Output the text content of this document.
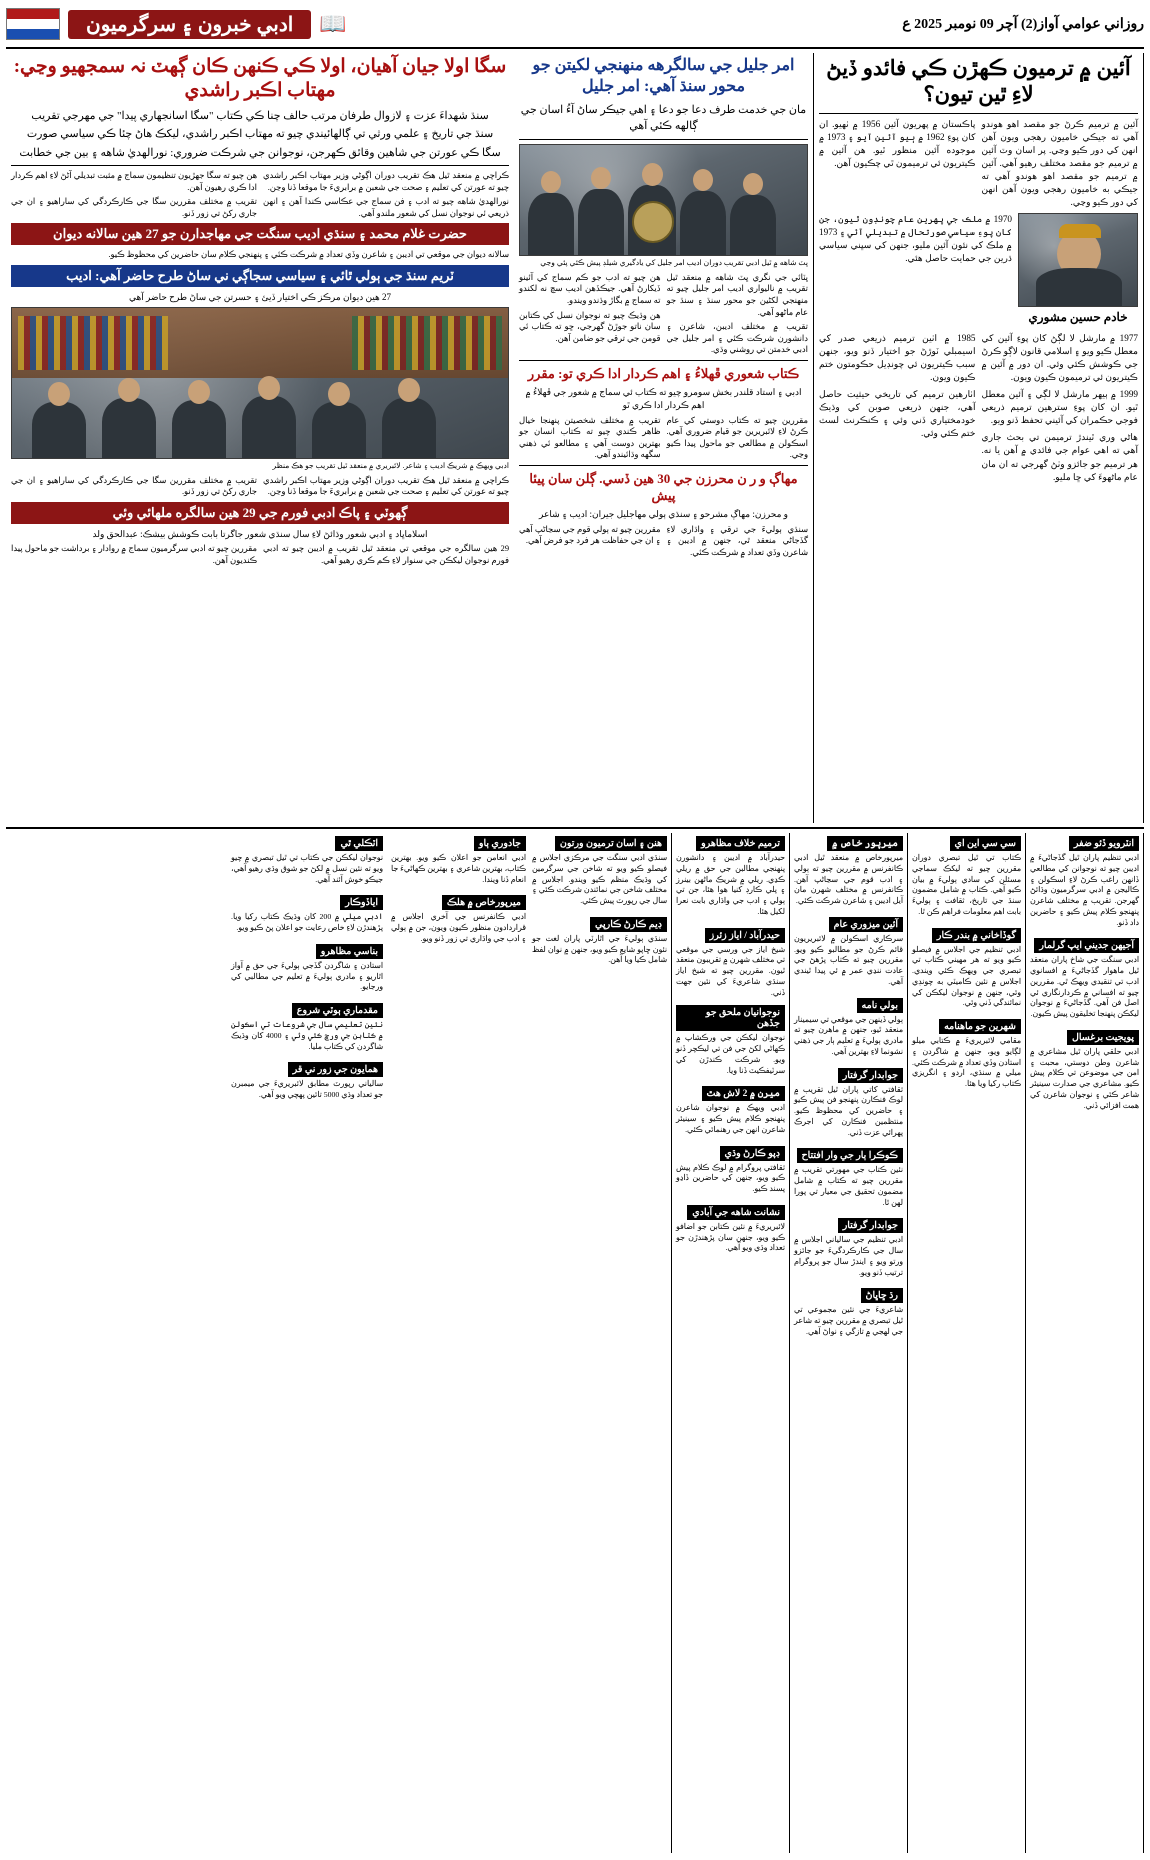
روزاني عوامي آواز(2) آچر 09 نومبر 2025 ع
📖
ادبي خبرون ۽ سرگرميون
آئين ۾ ترميون ڪهڙن ڪي فائدو ڏيڻ لاءِ ٿين تيون؟
آئين ۾ ترميم ڪرڻ جو مقصد اهو هوندو آهي ته جيڪي خاميون رهجي ويون آهن انهن کي دور ڪيو وڃي. پر اسان وٽ آئين ۾ ترميم جو مقصد مختلف رهيو آهي. آئين ۾ ترميم جو مقصد اهو هوندو آهي ته جيڪي به خاميون رهجي ويون آهن انهن کي دور ڪيو وڃي.
پاڪستان ۾ پهريون آئين 1956 ۾ ٺهيو. ان کان پوءِ 1962 ۾ ٻيو آئين آيو ۽ 1973 ۾ موجوده آئين منظور ٿيو. هن آئين ۾ ڪيتريون ئي ترميمون ٿي چڪيون آهن.
خادم حسين مشوري
1970 ۾ ملڪ جي پهرين عام چونڊون ٿيون، جن کان پوءِ سياسي صورتحال ۾ تبديلي آئي ۽ 1973 ۾ ملڪ کي نئون آئين مليو، جنهن کي سڀني سياسي ڌرين جي حمايت حاصل هئي.
1977 ۾ مارشل لا لڳڻ کان پوءِ آئين کي معطل ڪيو ويو ۽ اسلامي قانون لاڳو ڪرڻ جي ڪوشش ڪئي وئي. ان دور ۾ آئين ۾ ڪيتريون ئي ترميمون ڪيون ويون.
1999 ۾ ٻيهر مارشل لا لڳي ۽ آئين معطل ٿيو. ان کان پوءِ سترهين ترميم ذريعي فوجي حڪمران کي آئيني تحفظ ڏنو ويو.
هاڻي وري ٿيندڙ ترميمن تي بحث جاري آهي ته اهي عوام جي فائدي ۾ آهن يا نه. هر ترميم جو جائزو وٺڻ گهرجي ته ان مان عام ماڻهوءَ کي ڇا مليو.
1985 ۾ اٺين ترميم ذريعي صدر کي اسيمبلي ٽوڙڻ جو اختيار ڏنو ويو، جنهن سبب ڪيتريون ئي چونڊيل حڪومتون ختم ڪيون ويون.
اٺارهين ترميم کي تاريخي حيثيت حاصل آهي، جنهن ذريعي صوبن کي وڌيڪ خودمختياري ڏني وئي ۽ ڪنڪرنٽ لسٽ ختم ڪئي وئي.
امر جليل جي سالگرهه منهنجي لکيتن جو محور سنڌ آهي: امر جليل
مان جي خدمت طرف دعا جو دعا ۽ اهي جيڪر ساڻ آءُ اسان جي ڳالهه ڪئي آهي
ڀٽ شاهه ۾ ٿيل ادبي تقريب دوران اديب امر جليل کي يادگيري شيلڊ پيش ڪئي پئي وڃي
ڀٽائي جي نگري ڀٽ شاهه ۾ منعقد ٿيل تقريب ۾ ناليواري اديب امر جليل چيو ته منهنجي لکڻين جو محور سنڌ ۽ سنڌ جو عام ماڻهو آهي.
تقريب ۾ مختلف اديبن، شاعرن ۽ دانشورن شرڪت ڪئي ۽ امر جليل جي ادبي خدمتن تي روشني وڌي.
هن چيو ته ادب جو ڪم سماج کي آئينو ڏيکارڻ آهي. جيڪڏهن اديب سچ نه لکندو ته سماج ۾ بگاڙ وڌندو ويندو.
هن وڌيڪ چيو ته نوجوان نسل کي ڪتابن سان ناتو جوڙڻ گهرجي، ڇو ته ڪتاب ئي قومن جي ترقي جو ضامن آهن.
ڪتاب شعوري ڦهلاءُ ۽ اهم ڪردار ادا ڪري تو: مقرر
ادبي ۽ استاد قلندر بخش سومرو چيو ته ڪتاب ئي سماج ۾ شعور جي ڦهلاءُ ۾ اهم ڪردار ادا ڪري ٿو
مقررين چيو ته ڪتاب دوستي کي عام ڪرڻ لاءِ لائبريرين جو قيام ضروري آهي. اسڪولن ۾ مطالعي جو ماحول پيدا ڪيو وڃي.
تقريب ۾ مختلف شخصيتن پنهنجا خيال ظاهر ڪندي چيو ته ڪتاب انسان جو بهترين دوست آهي ۽ مطالعو ئي ذهني سگهه وڌائيندو آهي.
مهاڳ و ر ن محرزن جي 30 هين ڏسي. ڳلن سان پيئا پيش
و محرزن: مهاڳ مشرحو ۽ سنڌي ٻولي مهاجليل جيران: اديب ۽ شاعر
سنڌي ٻوليءَ جي ترقي ۽ واڌاري لاءِ گڏجاڻي منعقد ٿي، جنهن ۾ اديبن ۽ شاعرن وڏي تعداد ۾ شرڪت ڪئي.
مقررين چيو ته ٻولي قوم جي سڃاڻپ آهي ۽ ان جي حفاظت هر فرد جو فرض آهي.
سگا اولا جيان آهيان، اولا ڪي ڪنهن ڪان ڳهٽ نہ سمجهيو وڃي: مهتاب اڪبر راشدي
سنڌ شهداءَ عزت ۽ لازوال طرفان مرتب حالف چنا ڪي ڪتاب "سگا اسانجهاري پيدا" جي مهرجي تقريب
سنڌ جي تاريخ ۽ علمي ورثي تي ڳالهائيندي چيو ته مهتاب اڪبر راشدي، ليکڪ هاڻ چئا ڪي سياسي صورت
سگا ڪي عورتن جي شاهين وقائق ڪهرجن، نوجوانن جي شرڪت ضروري: نورالهديٰ شاهه ۽ بين جي خطابت
ڪراچي ۾ منعقد ٿيل هڪ تقريب دوران اڳوڻي وزير مهتاب اڪبر راشدي چيو ته عورتن کي تعليم ۽ صحت جي شعبن ۾ برابريءَ جا موقعا ڏنا وڃن.
نورالهديٰ شاهه چيو ته ادب ۽ فن سماج جي عڪاسي ڪندا آهن ۽ انهن ذريعي ئي نوجوان نسل کي شعور ملندو آهي.
هن چيو ته سگا جهڙيون تنظيمون سماج ۾ مثبت تبديلي آڻڻ لاءِ اهم ڪردار ادا ڪري رهيون آهن.
تقريب ۾ مختلف مقررين سگا جي ڪارڪردگي کي ساراهيو ۽ ان جي جاري رکڻ تي زور ڏنو.
حضرت غلام محمد ۽ سنڌي اديب سنگت جي مهاجدارن جو 27 هين سالانه ديوان
سالانه ديوان جي موقعي تي اديبن ۽ شاعرن وڏي تعداد ۾ شرڪت ڪئي ۽ پنهنجي ڪلام سان حاضرين کي محظوظ ڪيو.
ٽريم سنڌ جي ٻولي ٿائي ۽ سياسي سجاڳي ني ساڻ طرح حاضر آهي: اديب
27 هين ديوان مرڪز ڪي اختيار ڏيئ ۽ حسرتن جي ساڻ طرح حاضر آهي
ادبي ويهڪ ۾ شريڪ اديب ۽ شاعر. لائبريري ۾ منعقد ٿيل تقريب جو هڪ منظر
ڪراچي ۾ منعقد ٿيل هڪ تقريب دوران اڳوڻي وزير مهتاب اڪبر راشدي چيو ته عورتن کي تعليم ۽ صحت جي شعبن ۾ برابريءَ جا موقعا ڏنا وڃن.
تقريب ۾ مختلف مقررين سگا جي ڪارڪردگي کي ساراهيو ۽ ان جي جاري رکڻ تي زور ڏنو.
ڳهوٽي ۽ پاڪ ادبي فورم جي 29 هين سالگره ملهائي وئي
اسلاماڀاد ۽ ادبي شعور وڌائڻ لاءِ سال سنڌي شعور جاگرتا بابت ڪوشش بيشڪ: عبدالحق ولد
29 هين سالگره جي موقعي تي منعقد ٿيل تقريب ۾ اديبن چيو ته ادبي فورم نوجوان ليکڪن جي سنوار لاءِ ڪم ڪري رهيو آهي.
مقررين چيو ته ادبي سرگرميون سماج ۾ روادار ۽ برداشت جو ماحول پيدا ڪنديون آهن.
انٽرويو ڏئو ضفر
ادبي تنظيم پاران ٿيل گڏجاڻيءَ ۾ اديبن چيو ته نوجوانن کي مطالعي ڏانهن راغب ڪرڻ لاءِ اسڪولن ۽ ڪاليجن ۾ ادبي سرگرميون وڌائڻ گهرجن. تقريب ۾ مختلف شاعرن پنهنجو ڪلام پيش ڪيو ۽ حاضرين داد ڏنو.
آجيهن جديني ايپ گرلمار
ادبي سنگت جي شاخ پاران منعقد ٿيل ماهوار گڏجاڻيءَ ۾ افسانوي ادب تي تنقيدي ويهڪ ٿي. مقررين چيو ته افساني ۾ ڪردارنگاري ئي اصل فن آهي. گڏجاڻيءَ ۾ نوجوان ليکڪن پنهنجا تخليقون پيش ڪيون.
پويجيت برغسال
ادبي حلقي پاران ٿيل مشاعري ۾ شاعرن وطن دوستي، محبت ۽ امن جي موضوعن تي ڪلام پيش ڪيو. مشاعري جي صدارت سينيئر شاعر ڪئي ۽ نوجوان شاعرن کي همت افزائي ڏني.
سي سي اين اي
ڪتاب تي ٿيل تبصري دوران مقررين چيو ته ليکڪ سماجي مسئلن کي سادي ٻوليءَ ۾ بيان ڪيو آهي. ڪتاب ۾ شامل مضمون سنڌ جي تاريخ، ثقافت ۽ ٻوليءَ بابت اهم معلومات فراهم ڪن ٿا.
گوڏاخاني ۾ بندر ڪار
ادبي تنظيم جي اجلاس ۾ فيصلو ڪيو ويو ته هر مهيني ڪتاب تي تبصري جي ويهڪ ڪئي ويندي. اجلاس ۾ نئين ڪاميٽي به چونڊي وئي، جنهن ۾ نوجوان ليکڪن کي نمائندگي ڏني وئي.
شهرين جو ماهنامه
مقامي لائبريريءَ ۾ ڪتابي ميلو لڳايو ويو، جنهن ۾ شاگردن ۽ استادن وڏي تعداد ۾ شرڪت ڪئي. ميلي ۾ سنڌي، اردو ۽ انگريزي ڪتاب رکيا ويا هئا.
ميرپور خاص ۾
ميرپورخاص ۾ منعقد ٿيل ادبي ڪانفرنس ۾ مقررين چيو ته ٻولي ۽ ادب قوم جي سڃاڻپ آهن. ڪانفرنس ۾ مختلف شهرن مان آيل اديبن ۽ شاعرن شرڪت ڪئي.
آئين ميزوري عام
سرڪاري اسڪولن ۾ لائبريريون قائم ڪرڻ جو مطالبو ڪيو ويو. مقررين چيو ته ڪتاب پڙهڻ جي عادت ننڍي عمر ۾ ئي پيدا ٿيندي آهي.
بولي نامه
ٻولي ڏينهن جي موقعي تي سيمينار منعقد ٿيو، جنهن ۾ ماهرن چيو ته مادري ٻوليءَ ۾ تعليم ٻار جي ذهني نشونما لاءِ بهترين آهي.
جوابدار گرفتار
ثقافتي کاتي پاران ٿيل تقريب ۾ لوڪ فنڪارن پنهنجو فن پيش ڪيو ۽ حاضرين کي محظوظ ڪيو. منتظمين فنڪارن کي اجرڪ پهرائي عزت ڏني.
ڪوڪرا ٻار جي وار افتتاح
نئين ڪتاب جي مهورتي تقريب ۾ مقررين چيو ته ڪتاب ۾ شامل مضمون تحقيق جي معيار تي پورا لهن ٿا.
جوابدار گرفتار
ادبي تنظيم جي سالياني اجلاس ۾ سال جي ڪارڪردگيءَ جو جائزو ورتو ويو ۽ ايندڙ سال جو پروگرام ترتيب ڏنو ويو.
رڌ ڇاڀاڻ
شاعريءَ جي نئين مجموعي تي ٿيل تبصري ۾ مقررين چيو ته شاعر جي لهجي ۾ تازگي ۽ نواڻ آهي.
ترميم خلاف مظاهرو
حيدرآباد ۾ اديبن ۽ دانشورن پنهنجي مطالبن جي حق ۾ ريلي ڪڍي. ريلي ۾ شريڪ ماڻهن بينرز ۽ پلي ڪارڊ کنيا هوا هئا، جن تي ٻولي ۽ ادب جي واڌاري بابت نعرا لکيل هئا.
حيدرآباد / اياز زئرز
شيخ اياز جي ورسي جي موقعي تي مختلف شهرن ۾ تقريبون منعقد ٿيون. مقررين چيو ته شيخ اياز سنڌي شاعريءَ کي نئين جهت ڏني.
نوجوانيان ملحق جو جڏهن
نوجوان ليکڪن جي ورڪشاپ ۾ ڪهاڻي لکڻ جي فن تي ليڪچر ڏنو ويو. شرڪت ڪندڙن کي سرٽيفڪيٽ ڏنا ويا.
ميرن ۾ 2 لاش هٿ
ادبي ويهڪ ۾ نوجوان شاعرن پنهنجو ڪلام پيش ڪيو ۽ سينيئر شاعرن انهن جي رهنمائي ڪئي.
ڊپو ڪارڻ وڌي
ثقافتي پروگرام ۾ لوڪ ڪلام پيش ڪيو ويو، جنهن کي حاضرين ڏاڍو پسند ڪيو.
نشانت شاهه جي آبادي
لائبريريءَ ۾ نئين ڪتابن جو اضافو ڪيو ويو، جنهن سان پڙهندڙن جو تعداد وڌي ويو آهي.
هنن ۽ اسان ترميون ورتون
سنڌي ادبي سنگت جي مرڪزي اجلاس ۾ فيصلو ڪيو ويو ته شاخن جي سرگرمين کي وڌيڪ منظم ڪيو ويندو. اجلاس ۾ مختلف شاخن جي نمائندن شرڪت ڪئي ۽ سال جي رپورٽ پيش ڪئي.
ڊيم ڪارڻ ڪارپي
سنڌي ٻوليءَ جي اٿارٽي پاران لغت جو نئون ڇاپو شايع ڪيو ويو، جنهن ۾ نوان لفظ شامل ڪيا ويا آهن.
جادوري ٻاو
ادبي انعامن جو اعلان ڪيو ويو. بهترين ڪتاب، بهترين شاعري ۽ بهترين ڪهاڻيءَ جا انعام ڏنا ويندا.
ميرپورخاص ۾ هلڪ
ادبي ڪانفرنس جي آخري اجلاس ۾ قراردادون منظور ڪيون ويون، جن ۾ ٻولي ۽ ادب جي واڌاري تي زور ڏنو ويو.
اٽڪلي ٿي
نوجوان ليکڪن جي ڪتاب تي ٿيل تبصري ۾ چيو ويو ته نئين نسل ۾ لکڻ جو شوق وڌي رهيو آهي، جيڪو خوش آئند آهي.
اياڏوڪار
ادبي ميلي ۾ 200 کان وڌيڪ ڪتاب رکيا ويا. پڙهندڙن لاءِ خاص رعايت جو اعلان پڻ ڪيو ويو.
بناسي مظاهرو
استادن ۽ شاگردن گڏجي ٻوليءَ جي حق ۾ آواز اٿاريو ۽ مادري ٻوليءَ ۾ تعليم جي مطالبي کي ورجايو.
مقدماري ٻوٽي شروع
نئين تعليمي سال جي شروعات تي اسڪولن ۾ ڪتابن جي ورڇ ڪئي وئي ۽ 4000 کان وڌيڪ شاگردن کي ڪتاب مليا.
همايون جي زور ني قر
سالياني رپورٽ مطابق لائبريريءَ جي ميمبرن جو تعداد وڌي 5000 تائين پهچي ويو آهي.
